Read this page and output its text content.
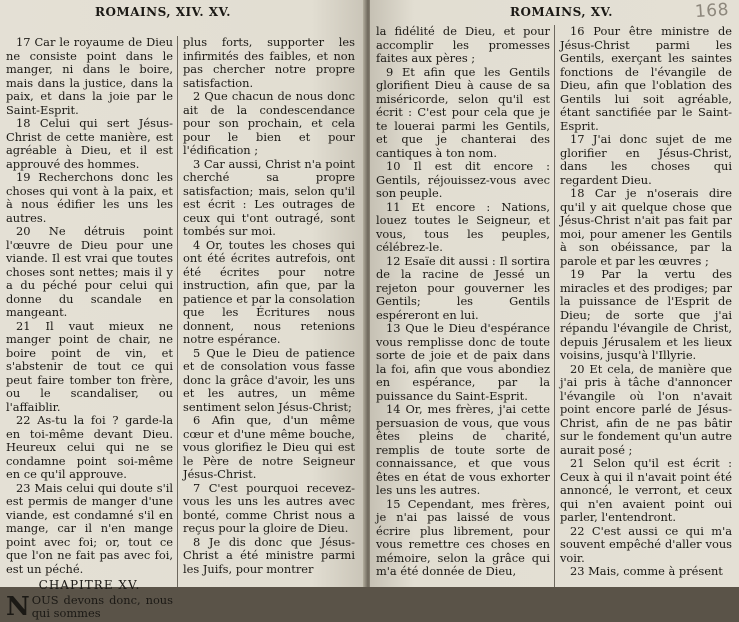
ROMAINS, XIV. XV.

17 Car le royaume de Dieu ne consiste point dans le manger, ni dans le boire, mais dans la justice, dans la paix, et dans la joie par le Saint-Esprit.

18 Celui qui sert Jésus-Christ de cette manière, est agréable à Dieu, et il est approuvé des hommes.

19 Recherchons donc les choses qui vont à la paix, et à nous édifier les uns les autres.

20 Ne détruis point l'œuvre de Dieu pour une viande. Il est vrai que toutes choses sont nettes; mais il y a du péché pour celui qui donne du scandale en mangeant.

21 Il vaut mieux ne manger point de chair, ne boire point de vin, et s'abstenir de tout ce qui peut faire tomber ton frère, ou le scandaliser, ou l'affaiblir.

22 As-tu la foi ? garde-la en toi-même devant Dieu. Heureux celui qui ne se condamne point soi-même en ce qu'il approuve.

23 Mais celui qui doute s'il est permis de manger d'une viande, est condamné s'il en mange, car il n'en mange point avec foi; or, tout ce que l'on ne fait pas avec foi, est un péché.

CHAPITRE XV.

NOUS devons donc, nous qui sommes

plus forts, supporter les infirmités des faibles, et non pas chercher notre propre satisfaction.

2 Que chacun de nous donc ait de la condescendance pour son prochain, et cela pour le bien et pour l'édification ;

3 Car aussi, Christ n'a point cherché sa propre satisfaction; mais, selon qu'il est écrit : Les outrages de ceux qui t'ont outragé, sont tombés sur moi.

4 Or, toutes les choses qui ont été écrites autrefois, ont été écrites pour notre instruction, afin que, par la patience et par la consolation que les Écritures nous donnent, nous retenions notre espérance.

5 Que le Dieu de patience et de consolation vous fasse donc la grâce d'avoir, les uns et les autres, un même sentiment selon Jésus-Christ;

6 Afin que, d'un même cœur et d'une même bouche, vous glorifiez le Dieu qui est le Père de notre Seigneur Jésus-Christ.

7 C'est pourquoi recevez-vous les uns les autres avec bonté, comme Christ nous a reçus pour la gloire de Dieu.

8 Je dis donc que Jésus-Christ a été ministre parmi les Juifs, pour montrer

ROMAINS, XV.	168

la fidélité de Dieu, et pour accomplir les promesses faites aux pères ;

9 Et afin que les Gentils glorifient Dieu à cause de sa miséricorde, selon qu'il est écrit : C'est pour cela que je te louerai parmi les Gentils, et que je chanterai des cantiques à ton nom.

10 Il est dit encore : Gentils, réjouissez-vous avec son peuple.

11 Et encore : Nations, louez toutes le Seigneur, et vous, tous les peuples, célébrez-le.

12 Esaïe dit aussi : Il sortira de la racine de Jessé un rejeton pour gouverner les Gentils; les Gentils espéreront en lui.

13 Que le Dieu d'espérance vous remplisse donc de toute sorte de joie et de paix dans la foi, afin que vous abondiez en espérance, par la puissance du Saint-Esprit.

14 Or, mes frères, j'ai cette persuasion de vous, que vous êtes pleins de charité, remplis de toute sorte de connaissance, et que vous êtes en état de vous exhorter les uns les autres.

15 Cependant, mes frères, je n'ai pas laissé de vous écrire plus librement, pour vous remettre ces choses en mémoire, selon la grâce qui m'a été donnée de Dieu,

16 Pour être ministre de Jésus-Christ parmi les Gentils, exerçant les saintes fonctions de l'évangile de Dieu, afin que l'oblation des Gentils lui soit agréable, étant sanctifiée par le Saint-Esprit.

17 J'ai donc sujet de me glorifier en Jésus-Christ, dans les choses qui regardent Dieu.

18 Car je n'oserais dire qu'il y ait quelque chose que Jésus-Christ n'ait pas fait par moi, pour amener les Gentils à son obéissance, par la parole et par les œuvres ;

19 Par la vertu des miracles et des prodiges; par la puissance de l'Esprit de Dieu; de sorte que j'ai répandu l'évangile de Christ, depuis Jérusalem et les lieux voisins, jusqu'à l'Illyrie.

20 Et cela, de manière que j'ai pris à tâche d'annoncer l'évangile où l'on n'avait point encore parlé de Jésus-Christ, afin de ne pas bâtir sur le fondement qu'un autre aurait posé ;

21 Selon qu'il est écrit : Ceux à qui il n'avait point été annoncé, le verront, et ceux qui n'en avaient point oui parler, l'entendront.

22 C'est aussi ce qui m'a souvent empêché d'aller vous voir.

23 Mais, comme à présent
